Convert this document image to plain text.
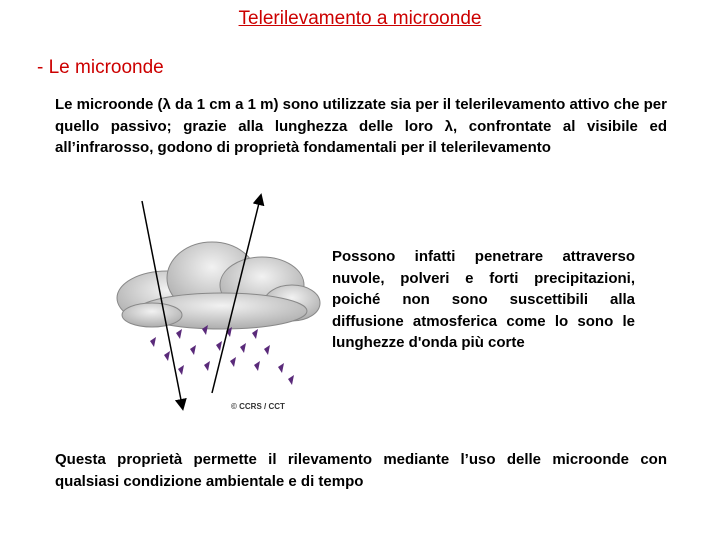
Telerilevamento a microonde
- Le microonde
Le microonde (λ da 1 cm a 1 m) sono utilizzate sia per il telerilevamento attivo che per quello passivo; grazie alla lunghezza delle loro λ, confrontate al visibile ed all’infrarosso, godono di proprietà fondamentali per il telerilevamento
© CCRS / CCT
Possono infatti penetrare attraverso nuvole, polveri e forti precipitazioni, poiché non sono suscettibili alla diffusione atmosferica come lo sono le lunghezze d'onda più corte
Questa proprietà permette il rilevamento mediante l’uso delle microonde con qualsiasi condizione ambientale e di tempo
